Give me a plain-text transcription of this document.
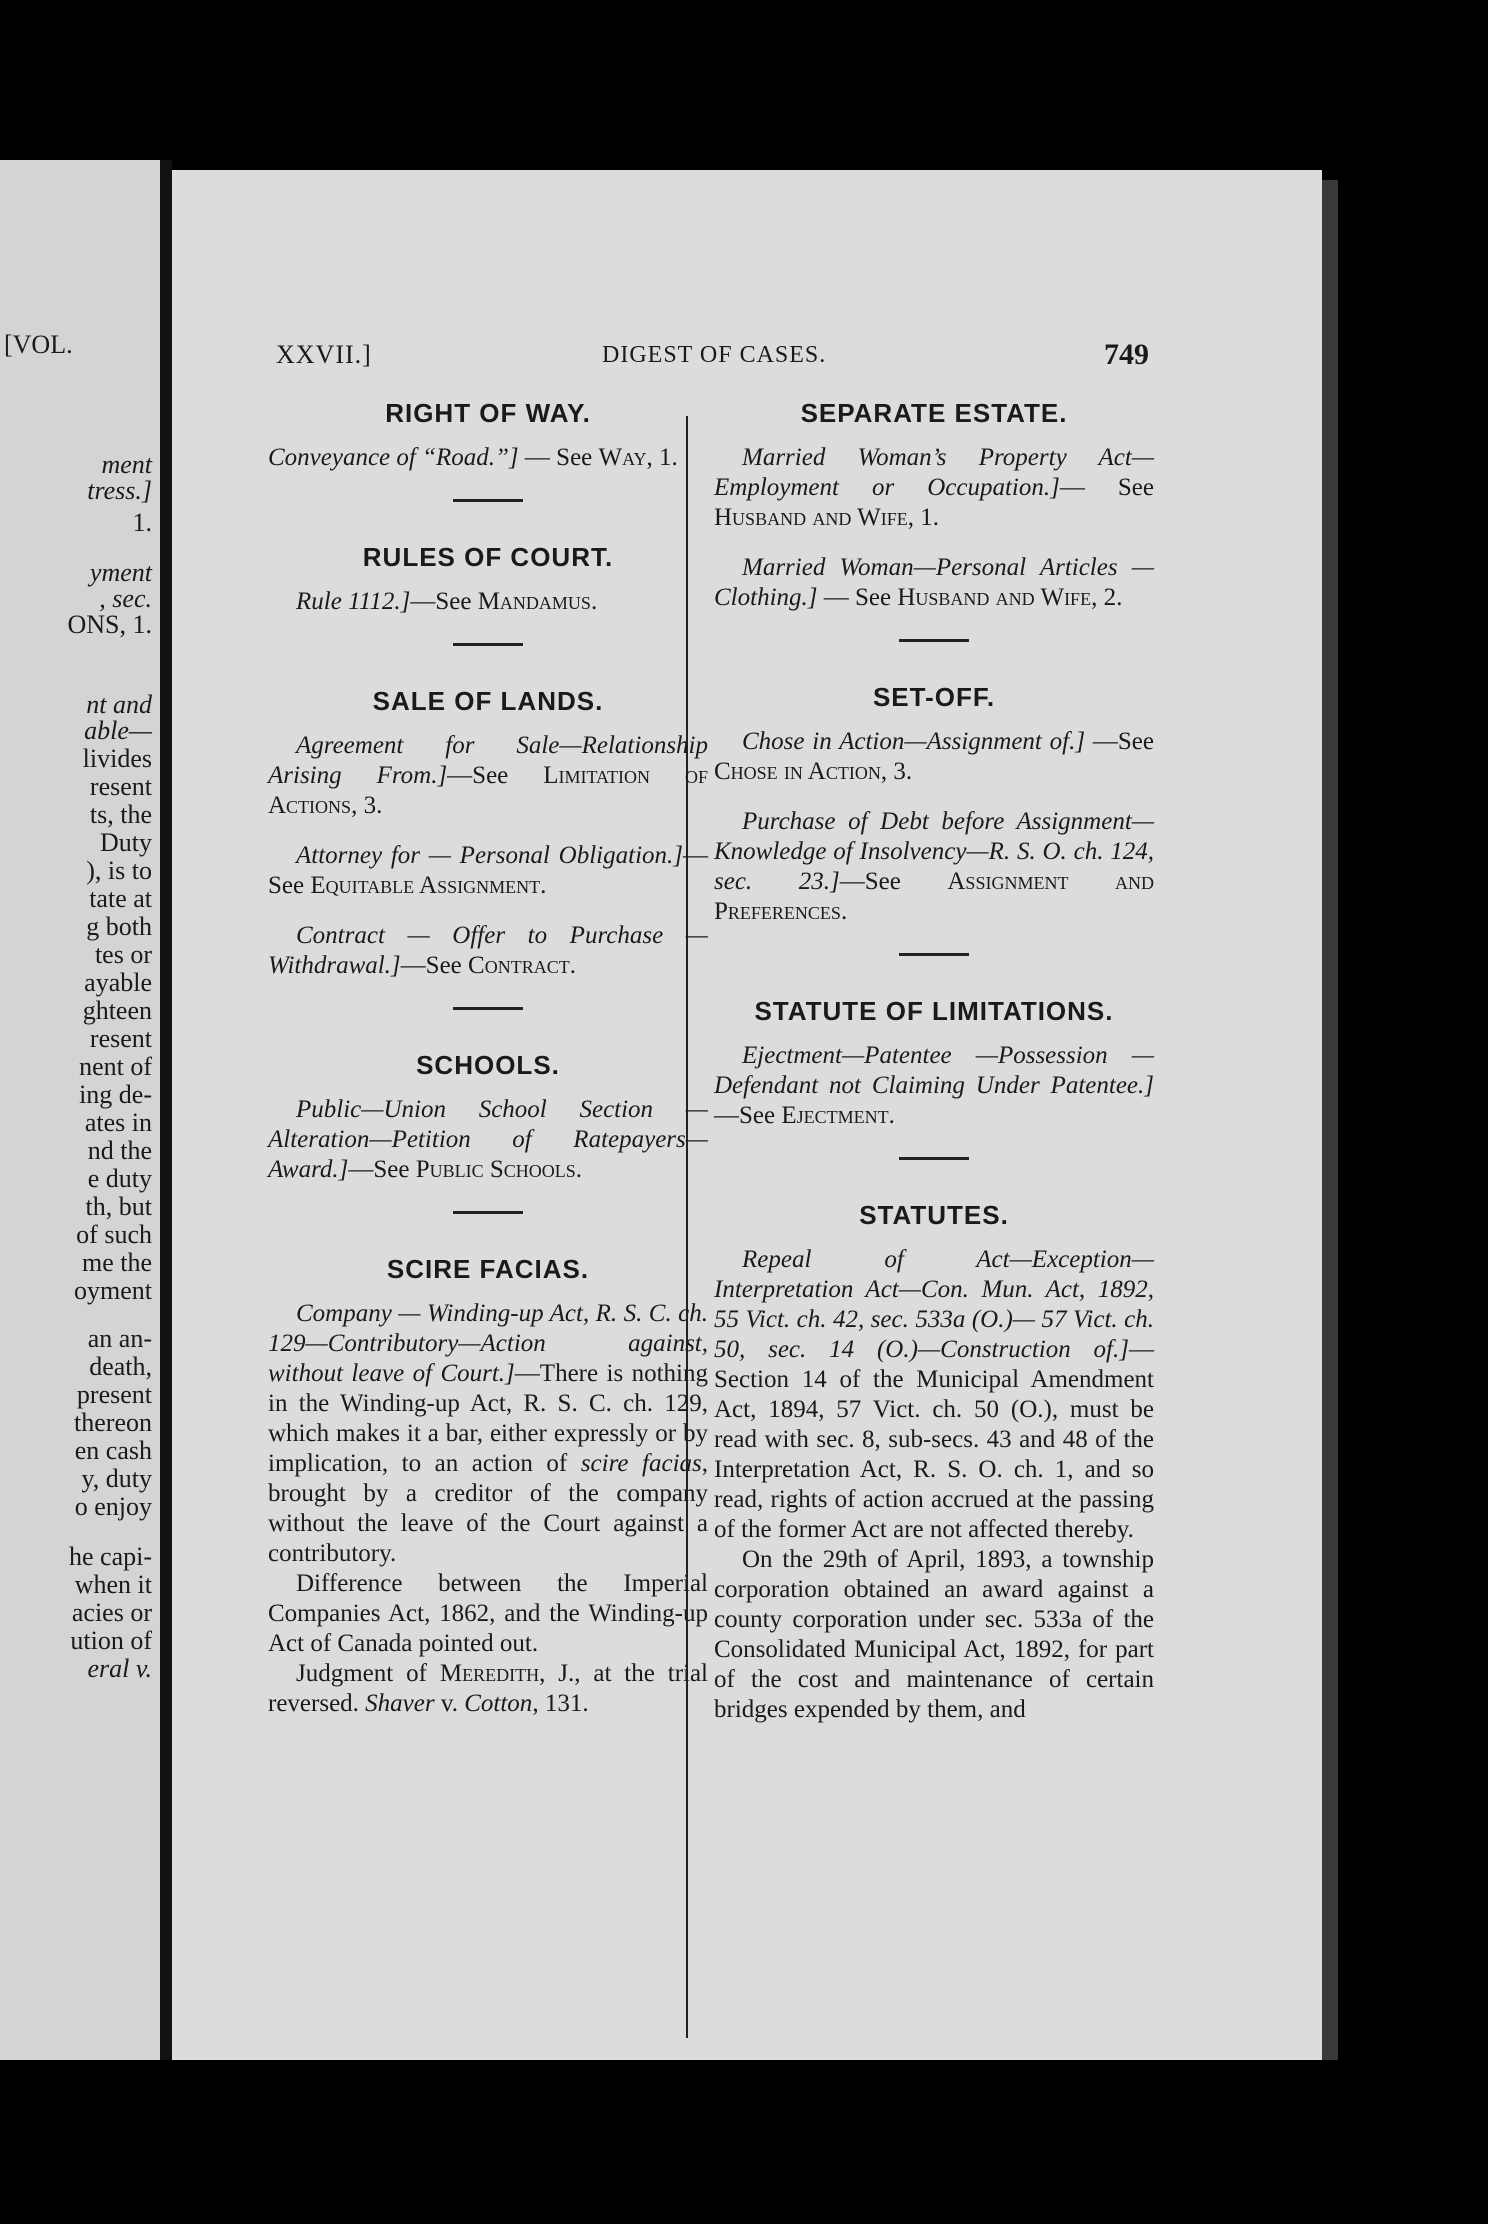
[VOL.
ment
tress.]
1.
yment
, sec.
ONS, 1.
nt and
able—
livides
resent
ts, the
Duty
), is to
tate at
g both
tes or
ayable
ghteen
resent
nent of
ing de-
ates in
nd the
e duty
th, but
of such
me the
oyment
an an-
death,
present
thereon
en cash
y, duty
o enjoy
he capi-
when it
acies or
ution of
eral v.
XXVII.]	DIGEST OF CASES.	749
RIGHT OF WAY.

Conveyance of “Road.”] — See Way, 1.

RULES OF COURT.

Rule 1112.]—See Mandamus.

SALE OF LANDS.

Agreement for Sale—Relationship Arising From.]—See Limitation of Actions, 3.

Attorney for — Personal Obligation.]—See Equitable Assignment.

Contract — Offer to Purchase — Withdrawal.]—See Contract.

SCHOOLS.

Public—Union School Section — Alteration—Petition of Ratepayers— Award.]—See Public Schools.

SCIRE FACIAS.

Company — Winding-up Act, R. S. C. ch. 129—Contributory—Action against, without leave of Court.]—There is nothing in the Winding-up Act, R. S. C. ch. 129, which makes it a bar, either expressly or by implication, to an action of scire facias, brought by a creditor of the company without the leave of the Court against a contributory.

Difference between the Imperial Companies Act, 1862, and the Winding-up Act of Canada pointed out.

Judgment of Meredith, J., at the trial reversed. Shaver v. Cotton, 131.

SEPARATE ESTATE.

Married Woman’s Property Act— Employment or Occupation.]— See Husband and Wife, 1.

Married Woman—Personal Articles — Clothing.] — See Husband and Wife, 2.

SET-OFF.

Chose in Action—Assignment of.] —See Chose in Action, 3.

Purchase of Debt before Assignment—Knowledge of Insolvency—R. S. O. ch. 124, sec. 23.]—See Assignment and Preferences.

STATUTE OF LIMITATIONS.

Ejectment—Patentee —Possession —Defendant not Claiming Under Patentee.]—See Ejectment.

STATUTES.

Repeal of Act—Exception—Interpretation Act—Con. Mun. Act, 1892, 55 Vict. ch. 42, sec. 533a (O.)— 57 Vict. ch. 50, sec. 14 (O.)—Construction of.]—Section 14 of the Municipal Amendment Act, 1894, 57 Vict. ch. 50 (O.), must be read with sec. 8, sub-secs. 43 and 48 of the Interpretation Act, R. S. O. ch. 1, and so read, rights of action accrued at the passing of the former Act are not affected thereby.

On the 29th of April, 1893, a township corporation obtained an award against a county corporation under sec. 533a of the Consolidated Municipal Act, 1892, for part of the cost and maintenance of certain bridges expended by them, and
